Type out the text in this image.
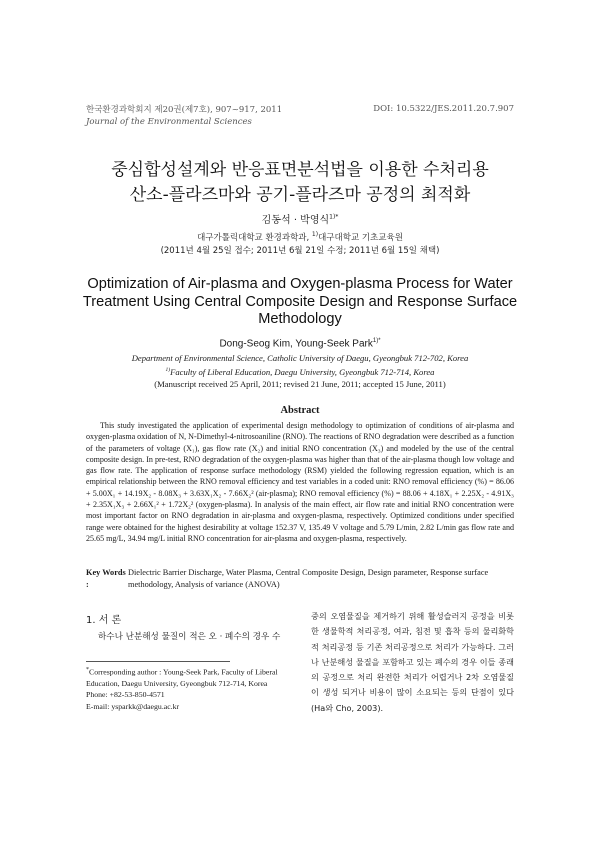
한국환경과학회지 제20권(제7호), 907~917, 2011
Journal of the Environmental Sciences
DOI: 10.5322/JES.2011.20.7.907
중심합성설계와 반응표면분석법을 이용한 수처리용
산소-플라즈마와 공기-플라즈마 공정의 최적화
김동석 · 박영식$^{1)*}$
대구가톨릭대학교 환경과학과, $^{1)}$대구대학교 기초교육원
(2011년 4월 25일 접수; 2011년 6월 21일 수정; 2011년 6월 15일 채택)
Optimization of Air-plasma and Oxygen-plasma Process for Water Treatment Using Central Composite Design and Response Surface Methodology
Dong-Seog Kim, Young-Seek Park$^{1)*}$
Department of Environmental Science, Catholic University of Daegu, Gyeongbuk 712-702, Korea
$^{1)}$Faculty of Liberal Education, Daegu University, Gyeongbuk 712-714, Korea
(Manuscript received 25 April, 2011; revised 21 June, 2011; accepted 15 June, 2011)
Abstract
This study investigated the application of experimental design methodology to optimization of conditions of air-plasma and oxygen-plasma oxidation of N, N-Dimethyl-4-nitrosoaniline (RNO). The reactions of RNO degradation were described as a function of the parameters of voltage (X₁), gas flow rate (X₂) and initial RNO concentration (X₃) and modeled by the use of the central composite design. In pre-test, RNO degradation of the oxygen-plasma was higher than that of the air-plasma though low voltage and gas flow rate. The application of response surface methodology (RSM) yielded the following regression equation, which is an empirical relationship between the RNO removal efficiency and test variables in a coded unit: RNO removal efficiency (%) = 86.06 + 5.00X₁ + 14.19X₂ - 8.08X₃ + 3.63X₁X₂ - 7.66X₂² (air-plasma); RNO removal efficiency (%) = 88.06 + 4.18X₁ + 2.25X₂ - 4.91X₃ + 2.35X₁X₃ + 2.66X₁² + 1.72X₂² (oxygen-plasma). In analysis of the main effect, air flow rate and initial RNO concentration were most important factor on RNO degradation in air-plasma and oxygen-plasma, respectively. Optimized conditions under specified range were obtained for the highest desirability at voltage 152.37 V, 135.49 V voltage and 5.79 L/min, 2.82 L/min gas flow rate and 25.65 mg/L, 34.94 mg/L initial RNO concentration for air-plasma and oxygen-plasma, respectively.
Key Words :
Dielectric Barrier Discharge, Water Plasma, Central Composite Design, Design parameter, Response surface methodology, Analysis of variance (ANOVA)
1. 서 론
하수나 난분해성 물질이 적은 오 · 폐수의 경우 수
*Corresponding author : Young-Seek Park, Faculty of Liberal Education, Daegu University, Gyeongbuk 712-714, Korea
Phone: +82-53-850-4571
E-mail: ysparkk@daegu.ac.kr
중의 오염물질을 제거하기 위해 활성슬러지 공정을 비롯한 생물학적 처리공정, 여과, 침전 및 흡착 등의 물리화학적 처리공정 등 기존 처리공정으로 처리가 가능하다. 그러나 난분해성 물질을 포함하고 있는 폐수의 경우 이들 종래의 공정으로 처리 완전한 처리가 어렵거나 2차 오염물질이 생성 되거나 비용이 많이 소요되는 등의 단점이 있다(Ha와 Cho, 2003).
